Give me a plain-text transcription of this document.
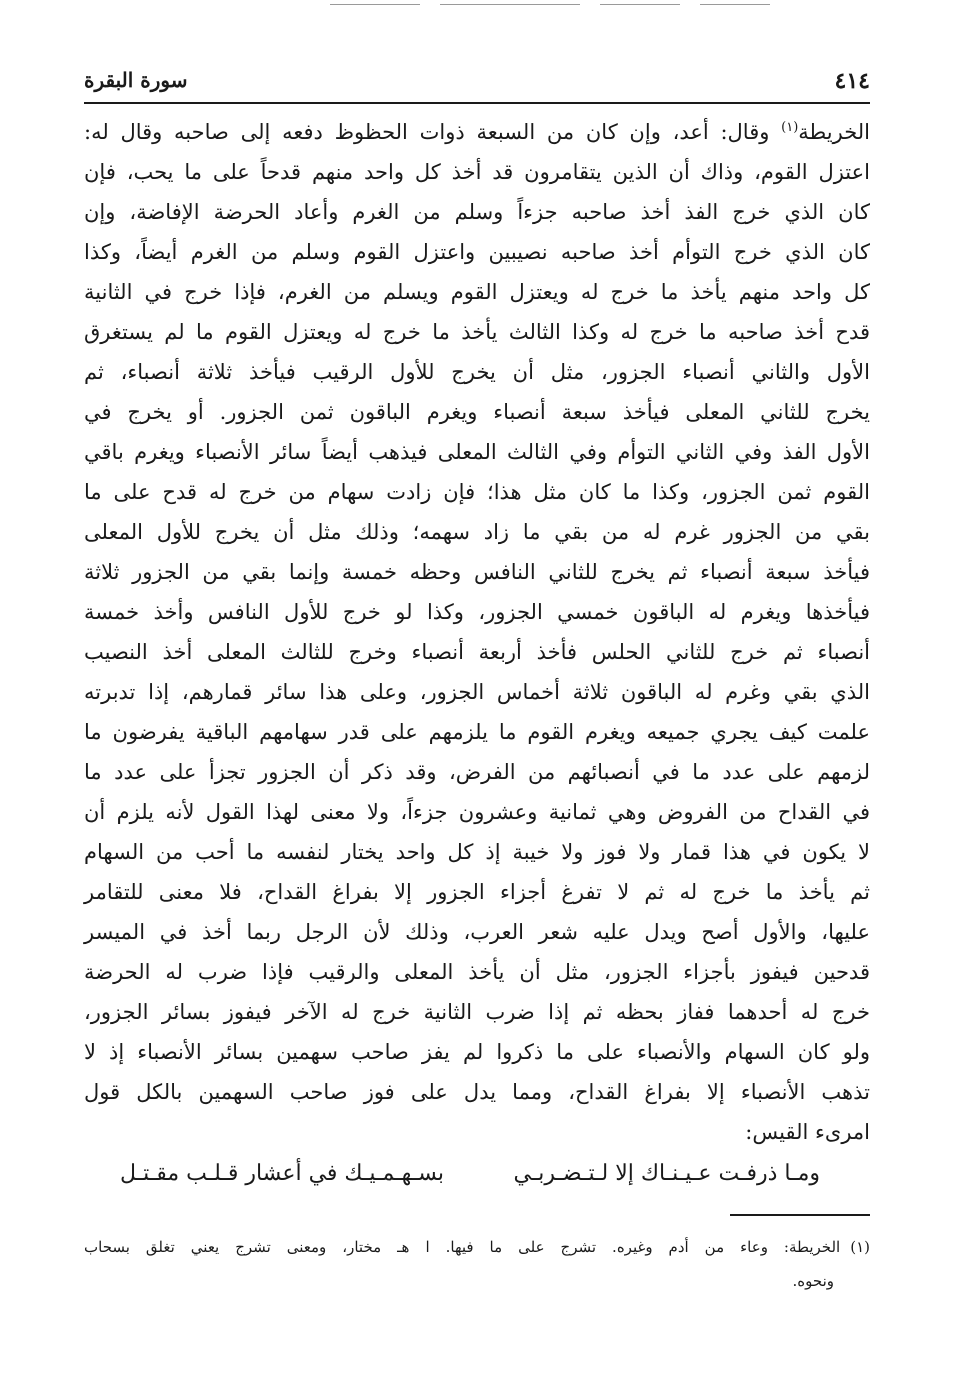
٤١٤
سورة البقرة
الخريطة$^{(١)}$ وقال: أعد، وإن كان من السبعة ذوات الحظوظ دفعه إلى صاحبه وقال له:
اعتزل القوم، وذاك أن الذين يتقامرون قد أخذ كل واحد منهم قدحاً على ما يحب، فإن
كان الذي خرج الفذ أخذ صاحبه جزءاً وسلم من الغرم وأعاد الحرضة الإفاضة، وإن
كان الذي خرج التوأم أخذ صاحبه نصيبين واعتزل القوم وسلم من الغرم أيضاً، وكذا
كل واحد منهم يأخذ ما خرج له ويعتزل القوم ويسلم من الغرم، فإذا خرج في الثانية
قدح أخذ صاحبه ما خرج له وكذا الثالث يأخذ ما خرج له ويعتزل القوم ما لم يستغرق
الأول والثاني أنصباء الجزور، مثل أن يخرج للأول الرقيب فيأخذ ثلاثة أنصباء، ثم
يخرج للثاني المعلى فيأخذ سبعة أنصباء ويغرم الباقون ثمن الجزور. أو يخرج في
الأول الفذ وفي الثاني التوأم وفي الثالث المعلى فيذهب أيضاً سائر الأنصباء ويغرم باقي
القوم ثمن الجزور، وكذا ما كان مثل هذا؛ فإن زادت سهام من خرج له قدح على ما
بقي من الجزور غرم له من بقي ما زاد سهمه؛ وذلك مثل أن يخرج للأول المعلى
فيأخذ سبعة أنصباء ثم يخرج للثاني النافس وحظه خمسة وإنما بقي من الجزور ثلاثة
فيأخذها ويغرم له الباقون خمسي الجزور، وكذا لو خرج للأول النافس وأخذ خمسة
أنصباء ثم خرج للثاني الحلس فأخذ أربعة أنصباء وخرج للثالث المعلى أخذ النصيب
الذي بقي وغرم له الباقون ثلاثة أخماس الجزور، وعلى هذا سائر قمارهم، إذا تدبرته
علمت كيف يجري جميعه ويغرم القوم ما يلزمهم على قدر سهامهم الباقية يفرضون ما
لزمهم على عدد ما في أنصبائهم من الفرض، وقد ذكر أن الجزور تجزأ على عدد ما
في القداح من الفروض وهي ثمانية وعشرون جزءاً، ولا معنى لهذا القول لأنه يلزم أن
لا يكون في هذا قمار ولا فوز ولا خيبة إذ كل واحد يختار لنفسه ما أحب من السهام
ثم يأخذ ما خرج له ثم لا تفرغ أجزاء الجزور إلا بفراغ القداح، فلا معنى للتقامر
عليها، والأول أصح ويدل عليه شعر العرب، وذلك لأن الرجل ربما أخذ في الميسر
قدحين فيفوز بأجزاء الجزور، مثل أن يأخذ المعلى والرقيب فإذا ضرب له الحرضة
خرج له أحدهما ففاز بحظه ثم إذا ضرب الثانية خرج له الآخر فيفوز بسائر الجزور،
ولو كان السهام والأنصباء على ما ذكروا لم يفز صاحب سهمين بسائر الأنصباء إذ لا
تذهب الأنصباء إلا بفراغ القداح، ومما يدل على فوز صاحب السهمين بالكل قول
امرىء القيس:
ومـا ذرفـت عـيـنـاك إلا لـتـضـربـي
بسـهـمـيـك في أعشار قـلـب مقـتـل
(١)الخريطة: وعاء من أدم وغيره. تشرج على ما فيها. ا هـ مختار، ومعنى تشرج يعني تغلق بسحاب
ونحوه.
